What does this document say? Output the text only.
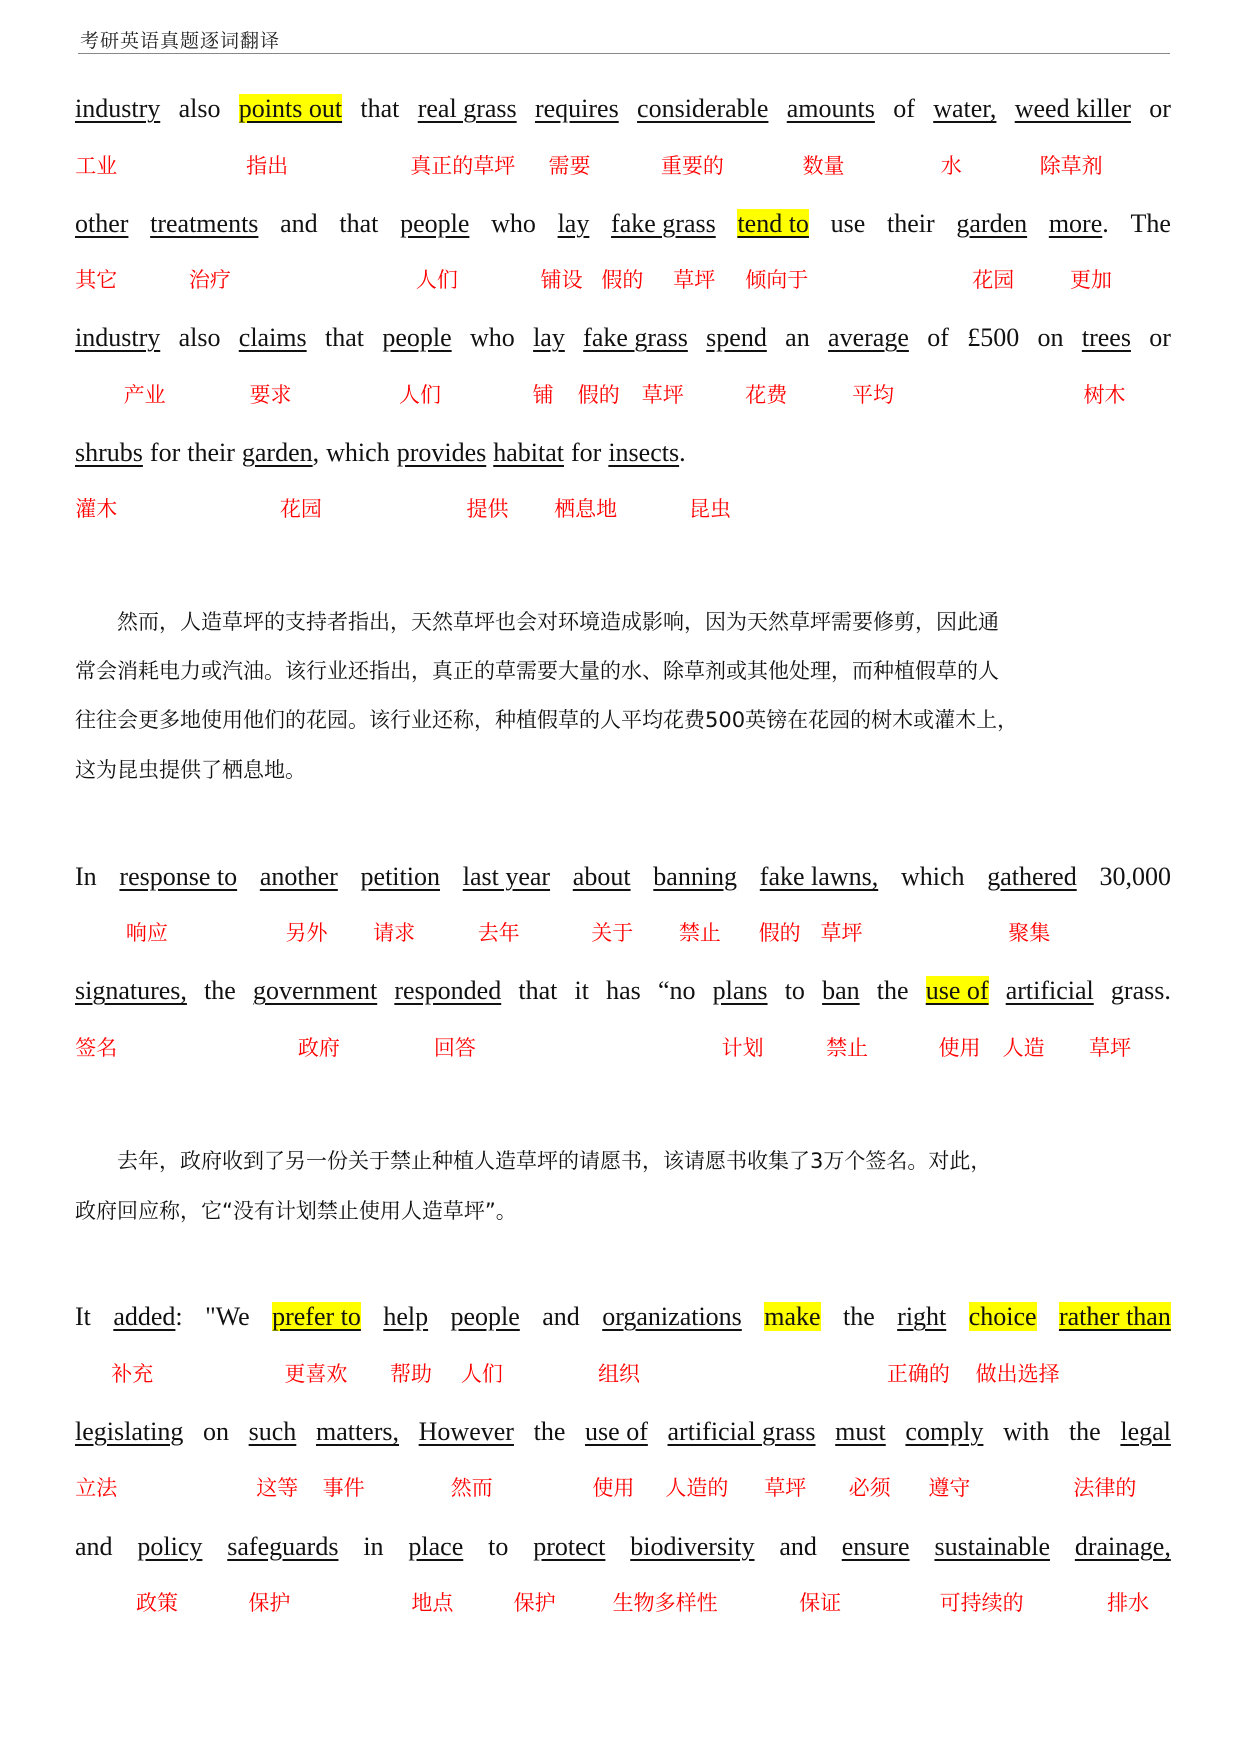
考研英语真题逐词翻译
industry also points out that real grass requires considerable amounts of water, weed killer or
工业	指出	真正的草坪 需要	重要的	数量	水	除草剂
other treatments and that people who lay fake grass tend to use their garden more. The
其它	治疗	人们	铺设 假的 草坪 倾向于	花园	更加
industry also claims that people who lay fake grass spend an average of £500 on trees or
产业	要求	人们	铺 假的 草坪	花费	平均	树木
shrubs for their garden, which provides habitat for insects.
灌木	花园	提供 栖息地	昆虫
　　然而，人造草坪的支持者指出，天然草坪也会对环境造成影响，因为天然草坪需要修剪，因此通
常会消耗电力或汽油。该行业还指出，真正的草需要大量的水、除草剂或其他处理，而种植假草的人
往往会更多地使用他们的花园。该行业还称，种植假草的人平均花费500英镑在花园的树木或灌木上，
这为昆虫提供了栖息地。
In response to another petition last year about banning fake lawns, which gathered 30,000
响应	另外 请求	去年	关于 禁止 假的 草坪	聚集
signatures, the government responded that it has “no plans to ban the use of artificial grass.
签名	政府	回答	计划	禁止	使用 人造 草坪
　　去年，政府收到了另一份关于禁止种植人造草坪的请愿书，该请愿书收集了3万个签名。对此，
政府回应称，它“没有计划禁止使用人造草坪”。
It added: "We prefer to help people and organizations make the right choice rather than
补充	更喜欢 帮助 人们	组织	正确的 做出选择
legislating on such matters, However the use of artificial grass must comply with the legal
立法	这等 事件	然而	使用 人造的 草坪 必须 遵守	法律的
and policy safeguards in place to protect biodiversity and ensure sustainable drainage,
政策	保护	地点	保护	生物多样性	保证	可持续的	排水
